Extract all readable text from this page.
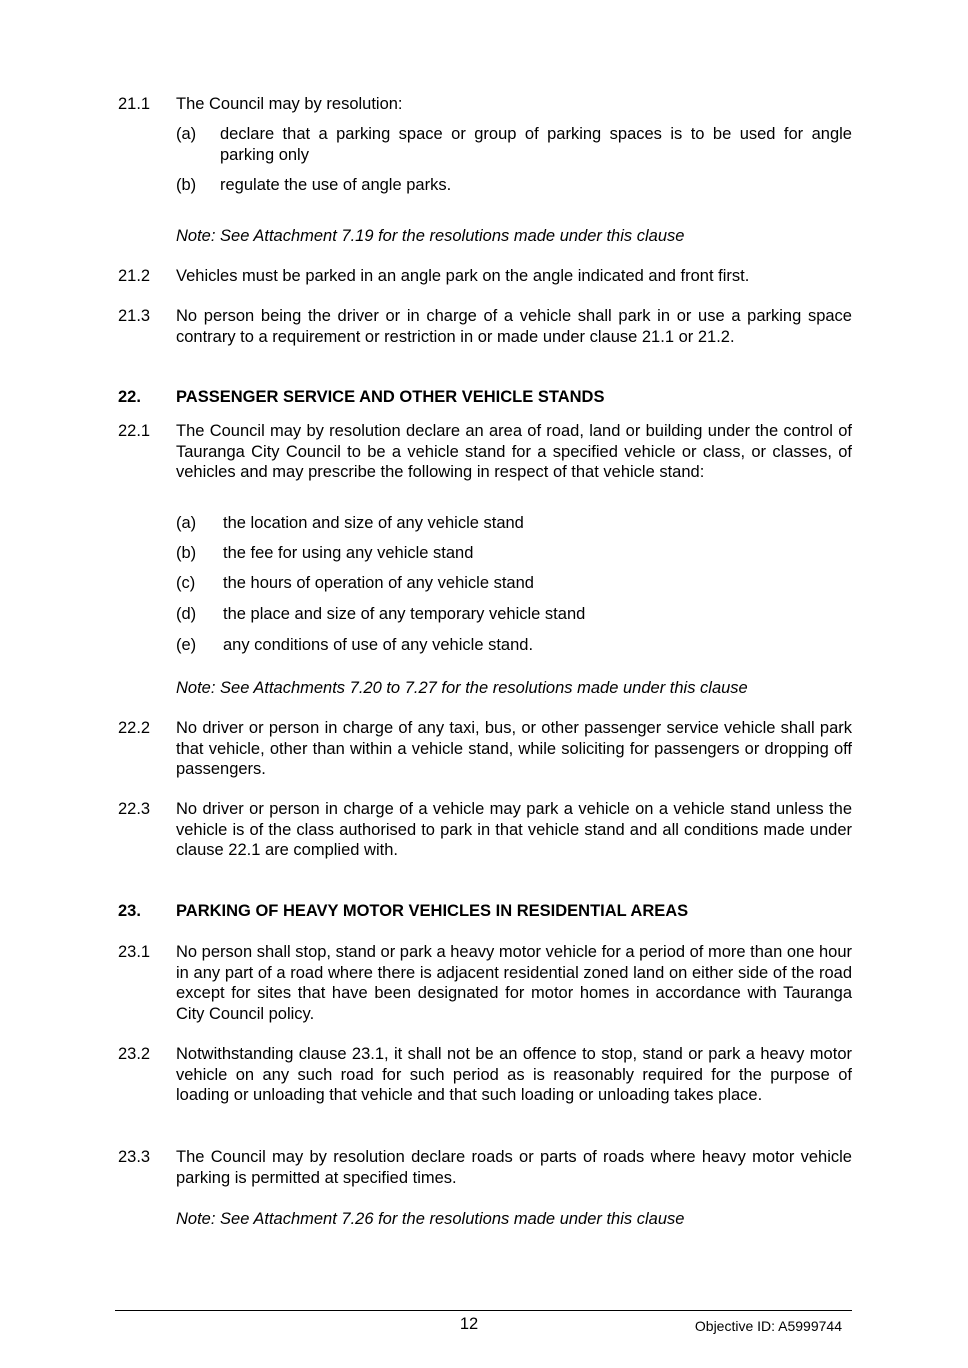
21.1 The Council may by resolution:
(a) declare that a parking space or group of parking spaces is to be used for angle parking only
(b) regulate the use of angle parks.
Note: See Attachment 7.19 for the resolutions made under this clause
21.2 Vehicles must be parked in an angle park on the angle indicated and front first.
21.3 No person being the driver or in charge of a vehicle shall park in or use a parking space contrary to a requirement or restriction in or made under clause 21.1 or 21.2.
22. PASSENGER SERVICE AND OTHER VEHICLE STANDS
22.1 The Council may by resolution declare an area of road, land or building under the control of Tauranga City Council to be a vehicle stand for a specified vehicle or class, or classes, of vehicles and may prescribe the following in respect of that vehicle stand:
(a) the location and size of any vehicle stand
(b) the fee for using any vehicle stand
(c) the hours of operation of any vehicle stand
(d) the place and size of any temporary vehicle stand
(e) any conditions of use of any vehicle stand.
Note: See Attachments 7.20 to 7.27 for the resolutions made under this clause
22.2 No driver or person in charge of any taxi, bus, or other passenger service vehicle shall park that vehicle, other than within a vehicle stand, while soliciting for passengers or dropping off passengers.
22.3 No driver or person in charge of a vehicle may park a vehicle on a vehicle stand unless the vehicle is of the class authorised to park in that vehicle stand and all conditions made under clause 22.1 are complied with.
23. PARKING OF HEAVY MOTOR VEHICLES IN RESIDENTIAL AREAS
23.1 No person shall stop, stand or park a heavy motor vehicle for a period of more than one hour in any part of a road where there is adjacent residential zoned land on either side of the road except for sites that have been designated for motor homes in accordance with Tauranga City Council policy.
23.2 Notwithstanding clause 23.1, it shall not be an offence to stop, stand or park a heavy motor vehicle on any such road for such period as is reasonably required for the purpose of loading or unloading that vehicle and that such loading or unloading takes place.
23.3 The Council may by resolution declare roads or parts of roads where heavy motor vehicle parking is permitted at specified times.
Note: See Attachment 7.26 for the resolutions made under this clause
12	Objective ID: A5999744
